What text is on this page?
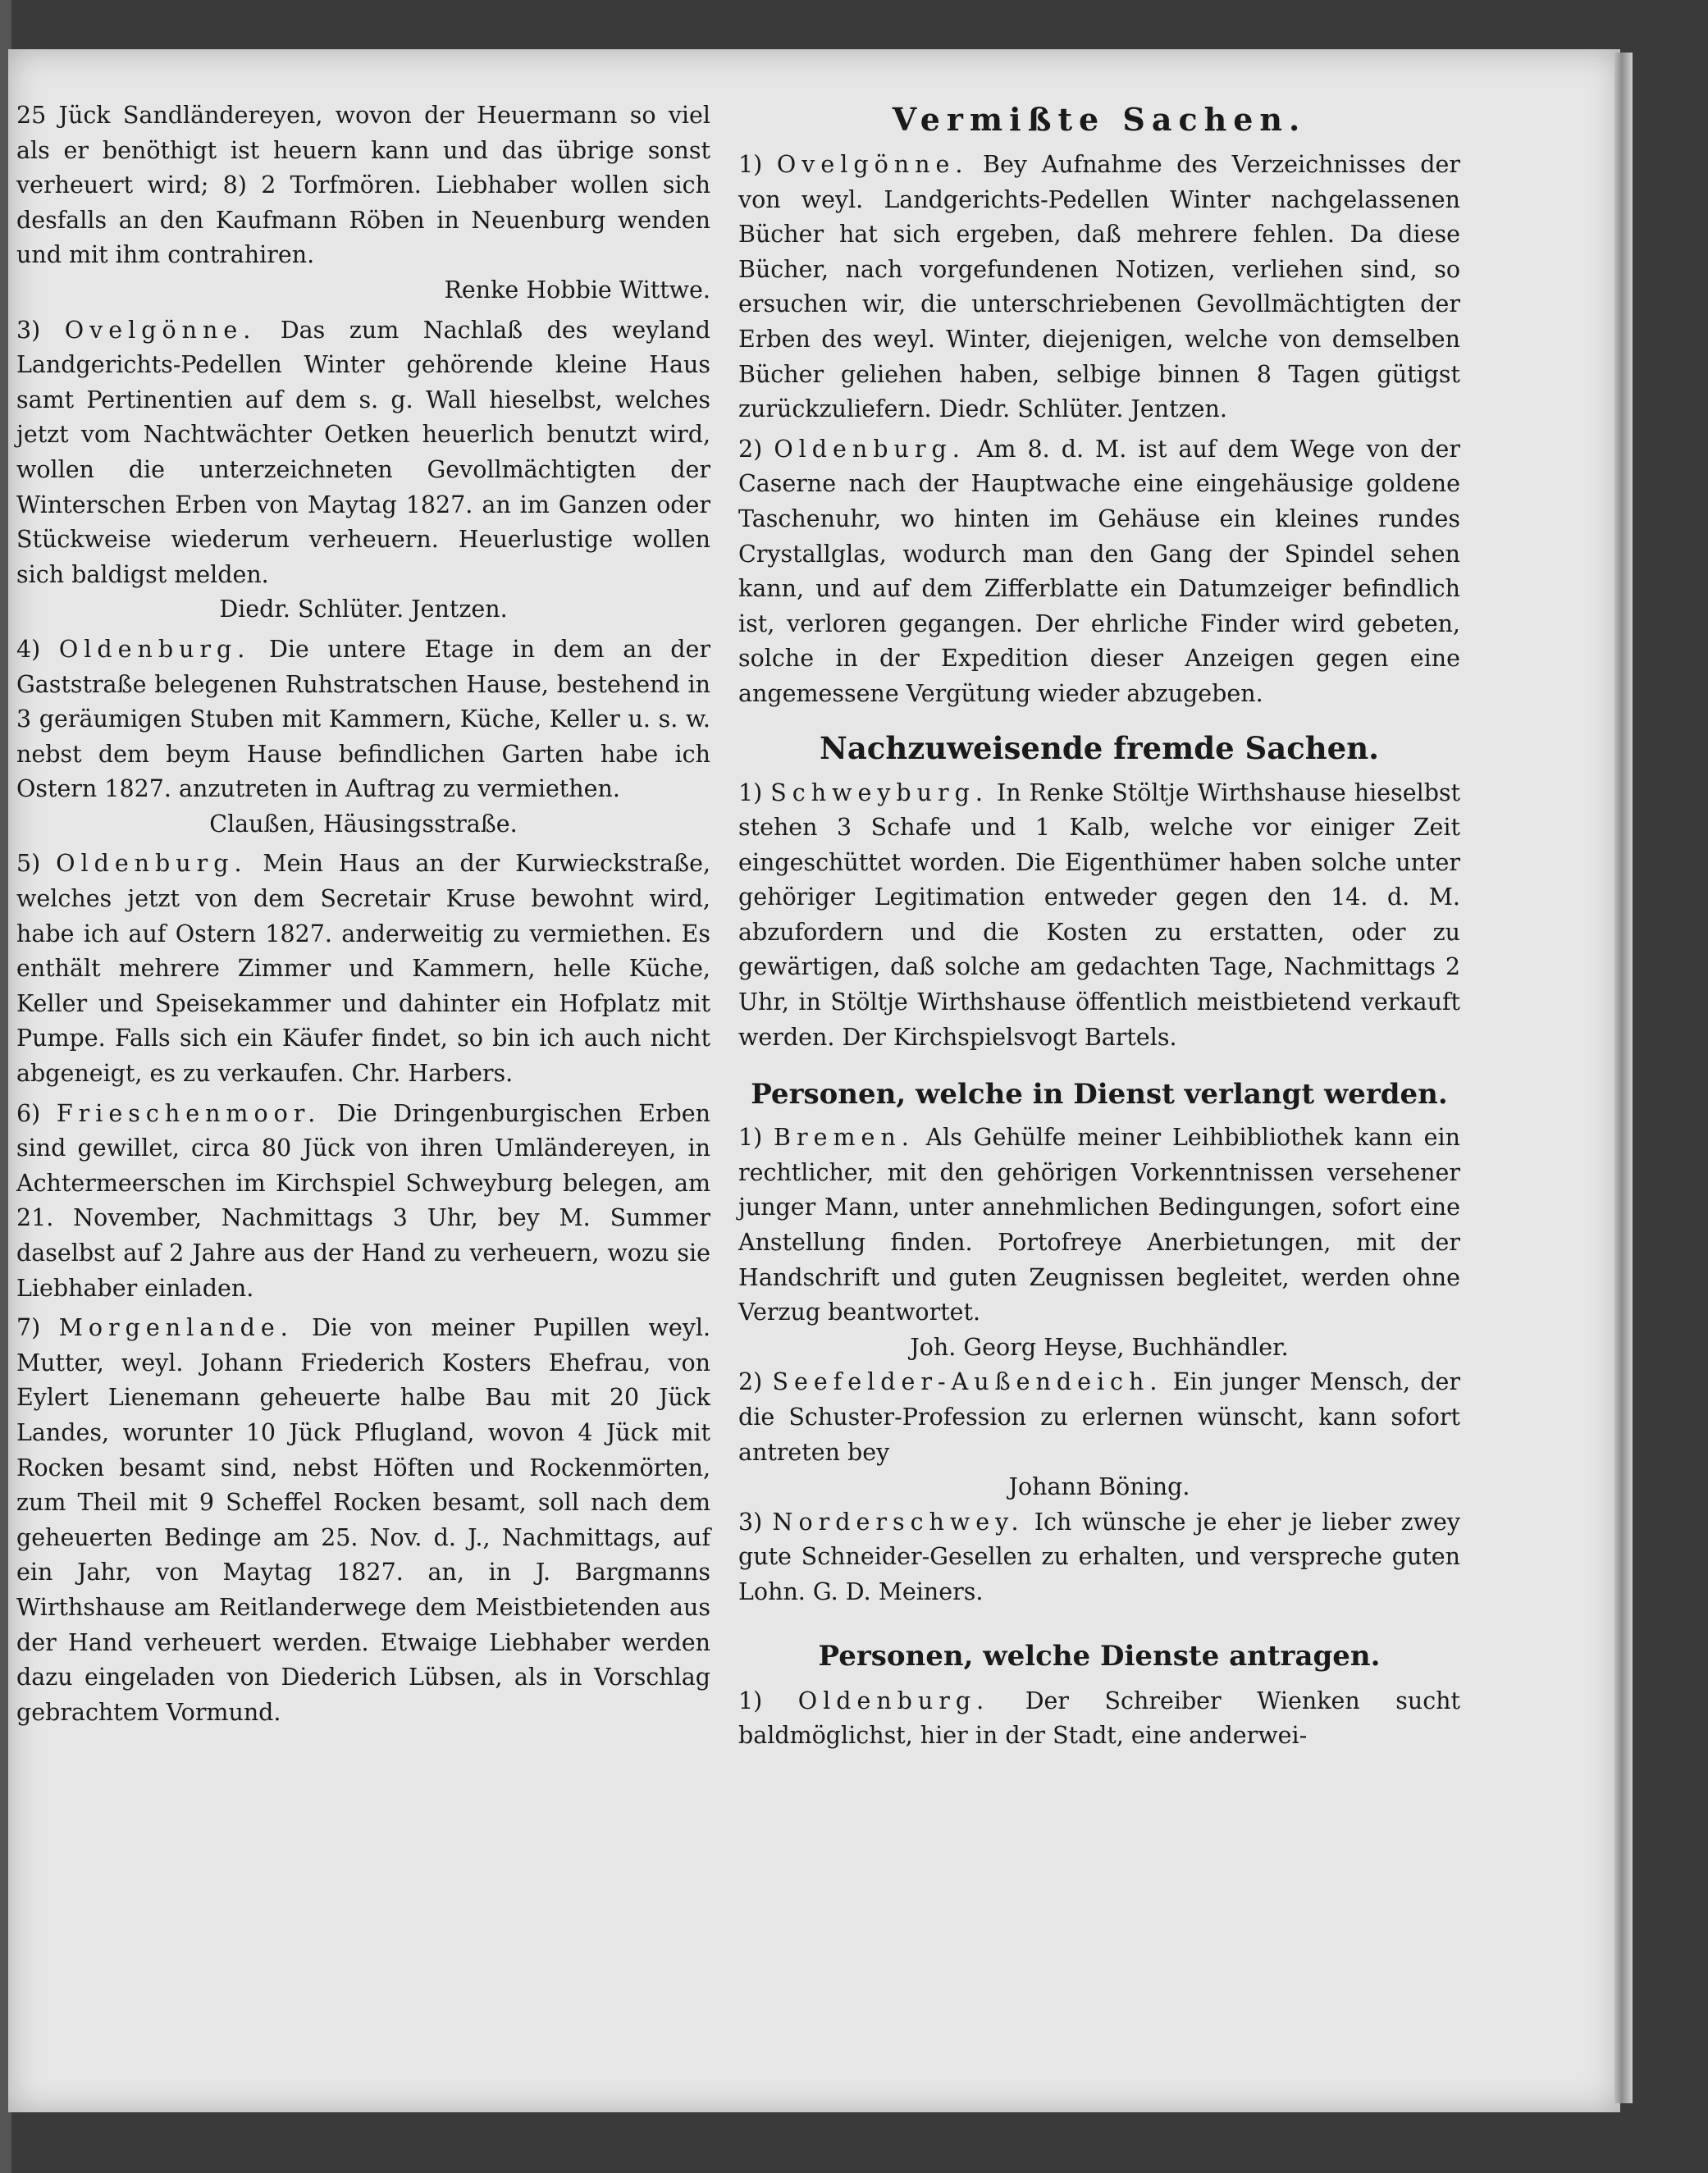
25 Jück Sandländereyen, wovon der Heuermann so viel als er benöthigt ist heuern kann und das übrige sonst verheuert wird; 8) 2 Torfmören. Liebhaber wollen sich desfalls an den Kaufmann Röben in Neuenburg wenden und mit ihm contrahiren.
Renke Hobbie Wittwe.

3) Ovelgönne. Das zum Nachlaß des weyland Landgerichts-Pedellen Winter gehörende kleine Haus samt Pertinentien auf dem s. g. Wall hieselbst, welches jetzt vom Nachtwächter Oetken heuerlich benutzt wird, wollen die unterzeichneten Gevollmächtigten der Winterschen Erben von Maytag 1827. an im Ganzen oder Stückweise wiederum verheuern. Heuerlustige wollen sich baldigst melden.
Diedr. Schlüter. Jentzen.

4) Oldenburg. Die untere Etage in dem an der Gaststraße belegenen Ruhstratschen Hause, bestehend in 3 geräumigen Stuben mit Kammern, Küche, Keller u. s. w. nebst dem beym Hause befindlichen Garten habe ich Ostern 1827. anzutreten in Auftrag zu vermiethen.
Claußen, Häusingsstraße.

5) Oldenburg. Mein Haus an der Kurwieckstraße, welches jetzt von dem Secretair Kruse bewohnt wird, habe ich auf Ostern 1827. anderweitig zu vermiethen. Es enthält mehrere Zimmer und Kammern, helle Küche, Keller und Speisekammer und dahinter ein Hofplatz mit Pumpe. Falls sich ein Käufer findet, so bin ich auch nicht abgeneigt, es zu verkaufen. Chr. Harbers.

6) Frieschenmoor. Die Dringenburgischen Erben sind gewillet, circa 80 Jück von ihren Umländereyen, in Achtermeerschen im Kirchspiel Schweyburg belegen, am 21. November, Nachmittags 3 Uhr, bey M. Summer daselbst auf 2 Jahre aus der Hand zu verheuern, wozu sie Liebhaber einladen.

7) Morgenlande. Die von meiner Pupillen weyl. Mutter, weyl. Johann Friederich Kosters Ehefrau, von Eylert Lienemann geheuerte halbe Bau mit 20 Jück Landes, worunter 10 Jück Pflugland, wovon 4 Jück mit Rocken besamt sind, nebst Höften und Rockenmörten, zum Theil mit 9 Scheffel Rocken besamt, soll nach dem geheuerten Bedinge am 25. Nov. d. J., Nachmittags, auf ein Jahr, von Maytag 1827. an, in J. Bargmanns Wirthshause am Reitlanderwege dem Meistbietenden aus der Hand verheuert werden. Etwaige Liebhaber werden dazu eingeladen von Diederich Lübsen, als in Vorschlag gebrachtem Vormund.

Vermißte Sachen.

1) Ovelgönne. Bey Aufnahme des Verzeichnisses der von weyl. Landgerichts-Pedellen Winter nachgelassenen Bücher hat sich ergeben, daß mehrere fehlen. Da diese Bücher, nach vorgefundenen Notizen, verliehen sind, so ersuchen wir, die unterschriebenen Gevollmächtigten der Erben des weyl. Winter, diejenigen, welche von demselben Bücher geliehen haben, selbige binnen 8 Tagen gütigst zurückzuliefern. Diedr. Schlüter. Jentzen.

2) Oldenburg. Am 8. d. M. ist auf dem Wege von der Caserne nach der Hauptwache eine eingehäusige goldene Taschenuhr, wo hinten im Gehäuse ein kleines rundes Crystallglas, wodurch man den Gang der Spindel sehen kann, und auf dem Zifferblatte ein Datumzeiger befindlich ist, verloren gegangen. Der ehrliche Finder wird gebeten, solche in der Expedition dieser Anzeigen gegen eine angemessene Vergütung wieder abzugeben.

Nachzuweisende fremde Sachen.

1) Schweyburg. In Renke Stöltje Wirthshause hieselbst stehen 3 Schafe und 1 Kalb, welche vor einiger Zeit eingeschüttet worden. Die Eigenthümer haben solche unter gehöriger Legitimation entweder gegen den 14. d. M. abzufordern und die Kosten zu erstatten, oder zu gewärtigen, daß solche am gedachten Tage, Nachmittags 2 Uhr, in Stöltje Wirthshause öffentlich meistbietend verkauft werden. Der Kirchspielsvogt Bartels.

Personen, welche in Dienst verlangt werden.

1) Bremen. Als Gehülfe meiner Leihbibliothek kann ein rechtlicher, mit den gehörigen Vorkenntnissen versehener junger Mann, unter annehmlichen Bedingungen, sofort eine Anstellung finden. Portofreye Anerbietungen, mit der Handschrift und guten Zeugnissen begleitet, werden ohne Verzug beantwortet.
Joh. Georg Heyse, Buchhändler.

2) Seefelder-Außendeich. Ein junger Mensch, der die Schuster-Profession zu erlernen wünscht, kann sofort antreten bey
Johann Böning.

3) Norderschwey. Ich wünsche je eher je lieber zwey gute Schneider-Gesellen zu erhalten, und verspreche guten Lohn. G. D. Meiners.

Personen, welche Dienste antragen.

1) Oldenburg. Der Schreiber Wienken sucht baldmöglichst, hier in der Stadt, eine anderwei-
